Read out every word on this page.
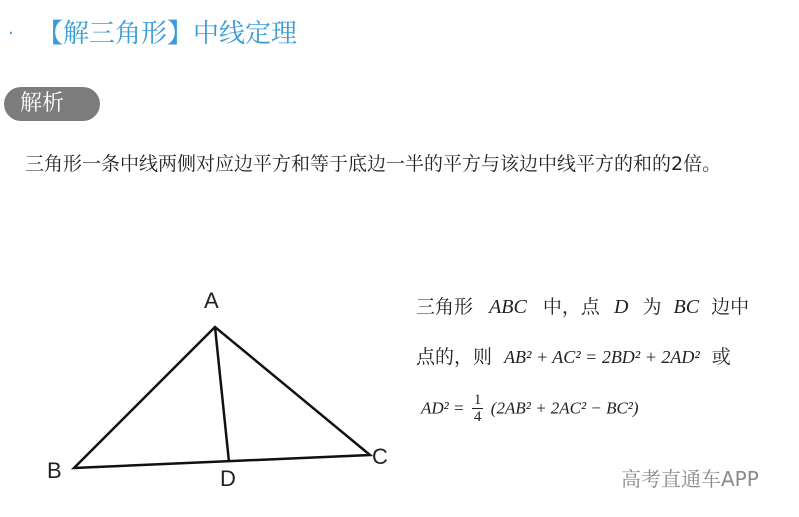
· 【解三角形】中线定理
解析
三角形一条中线两侧对应边平方和等于底边一半的平方与该边中线平方的和的2倍。
A
B
C
D
三角形 ABC 中，点 D 为 BC 边中
点的，则 AB² + AC² = 2BD² + 2AD² 或
$AD^2 = \frac{1}{4} (2AB^2 + 2AC^2 - BC^2)$
高考直通车APP
